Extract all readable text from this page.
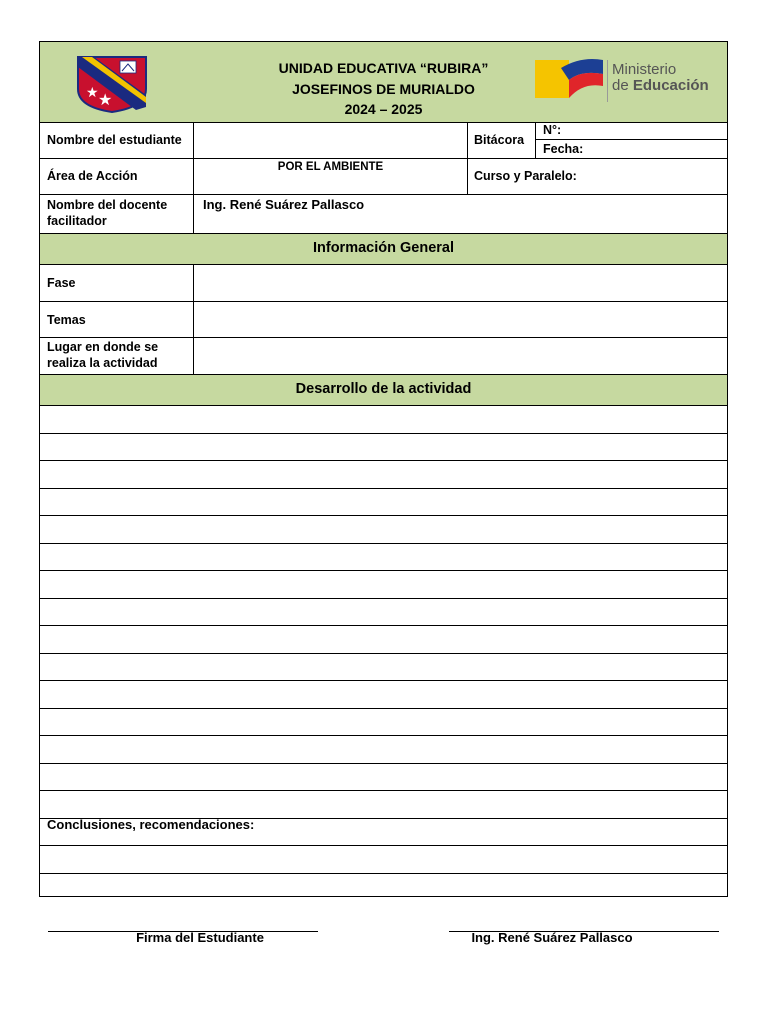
★ ★
UNIDAD EDUCATIVA “RUBIRA”
JOSEFINOS DE MURIALDO
2024 – 2025
Ministerio
de Educación
Nombre del estudiante	Bitácora
N°:
Fecha:
Área de Acción
POR EL AMBIENTE
Curso y Paralelo:
Nombre del docente
facilitador
Ing. René Suárez Pallasco
Información General
Fase
Temas
Lugar en donde se
realiza la actividad
Desarrollo de la actividad
Conclusiones, recomendaciones:
Firma del Estudiante	Ing. René Suárez Pallasco
